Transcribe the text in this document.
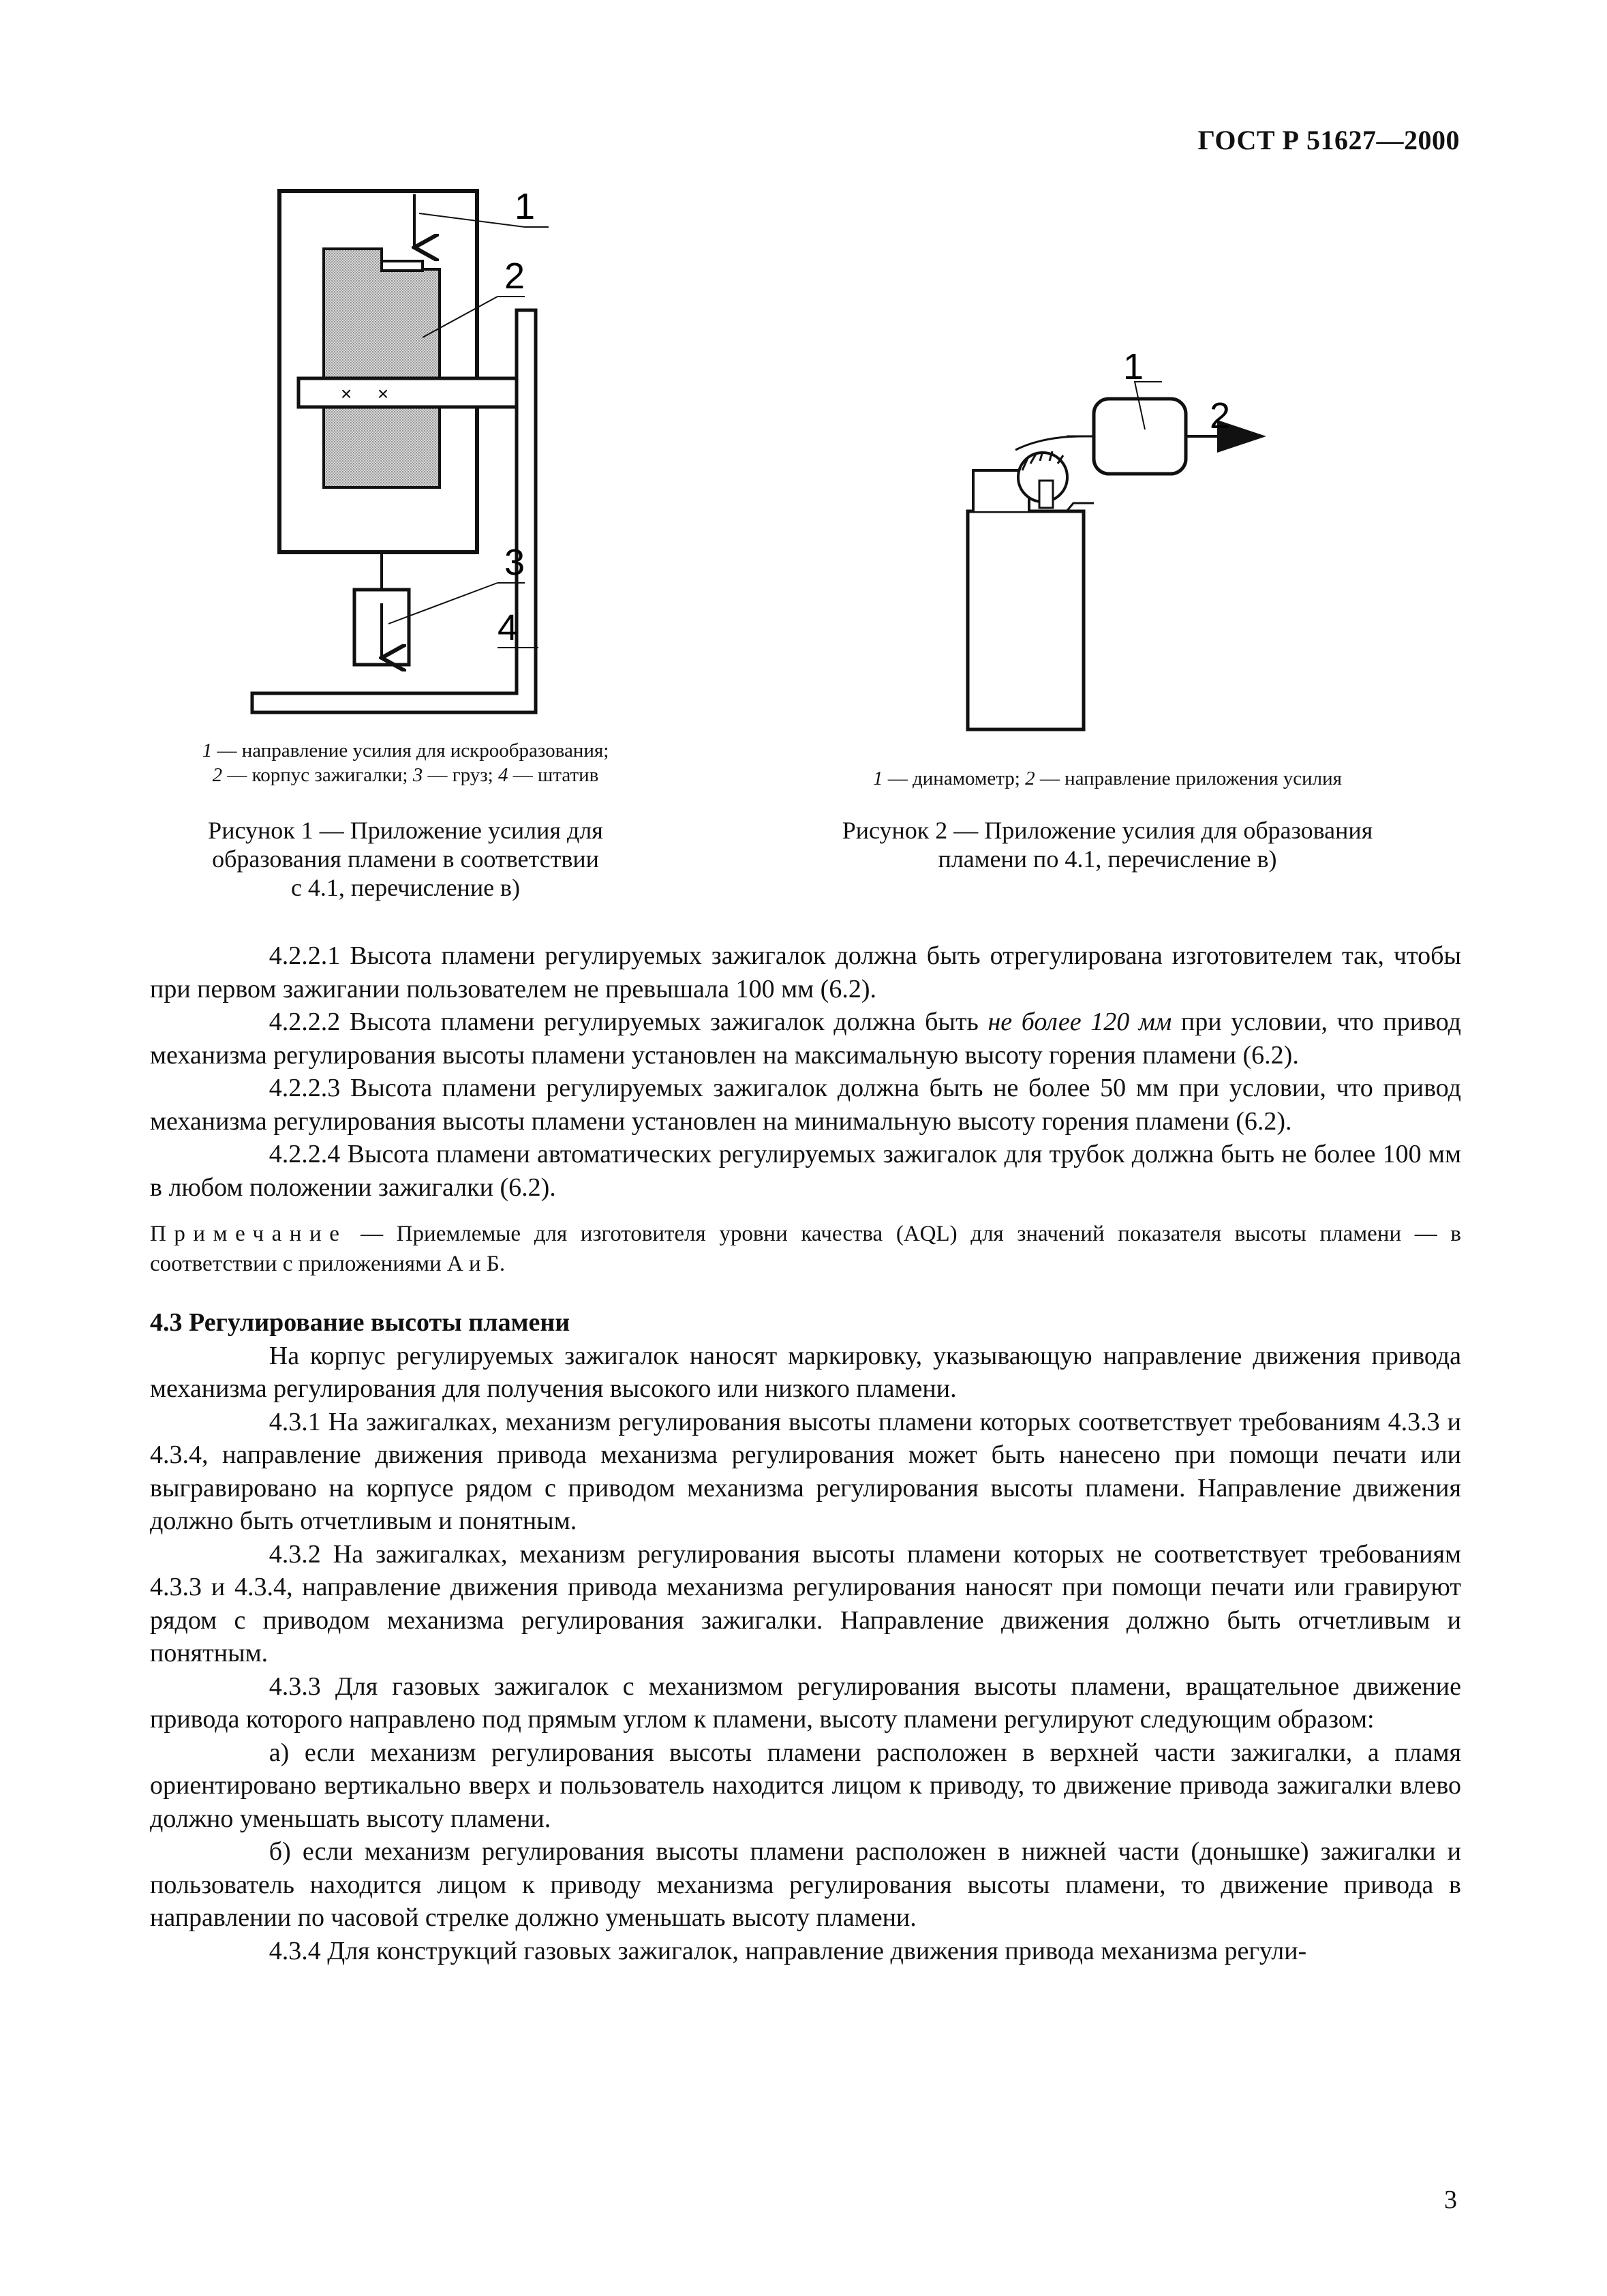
ГОСТ Р 51627—2000
× ×
1
2
3
4
1 — направление усилия для искрообразования;
2 — корпус зажигалки; 3 — груз; 4 — штатив
Рисунок 1 — Приложение усилия для
образования пламени в соответствии
с 4.1, перечисление в)
1
2
1 — динамометр; 2 — направление приложения усилия
Рисунок 2 — Приложение усилия для образования
пламени по 4.1, перечисление в)

4.2.2.1 Высота пламени регулируемых зажигалок должна быть отрегулирована изготовителем так, чтобы при первом зажигании пользователем не превышала 100 мм (6.2).

4.2.2.2 Высота пламени регулируемых зажигалок должна быть не более 120 мм при условии, что привод механизма регулирования высоты пламени установлен на максимальную высоту горения пламени (6.2).

4.2.2.3 Высота пламени регулируемых зажигалок должна быть не более 50 мм при условии, что привод механизма регулирования высоты пламени установлен на минимальную высоту горения пламени (6.2).

4.2.2.4 Высота пламени автоматических регулируемых зажигалок для трубок должна быть не более 100 мм в любом положении зажигалки (6.2).

Примечание — Приемлемые для изготовителя уровни качества (AQL) для значений показателя высоты пламени — в соответствии с приложениями А и Б.

4.3 Регулирование высоты пламени

На корпус регулируемых зажигалок наносят маркировку, указывающую направление движения привода механизма регулирования для получения высокого или низкого пламени.

4.3.1 На зажигалках, механизм регулирования высоты пламени которых соответствует требованиям 4.3.3 и 4.3.4, направление движения привода механизма регулирования может быть нанесено при помощи печати или выгравировано на корпусе рядом с приводом механизма регулирования высоты пламени. Направление движения должно быть отчетливым и понятным.

4.3.2 На зажигалках, механизм регулирования высоты пламени которых не соответствует требованиям 4.3.3 и 4.3.4, направление движения привода механизма регулирования наносят при помощи печати или гравируют рядом с приводом механизма регулирования зажигалки. Направление движения должно быть отчетливым и понятным.

4.3.3 Для газовых зажигалок с механизмом регулирования высоты пламени, вращательное движение привода которого направлено под прямым углом к пламени, высоту пламени регулируют следующим образом:

а) если механизм регулирования высоты пламени расположен в верхней части зажигалки, а пламя ориентировано вертикально вверх и пользователь находится лицом к приводу, то движение привода зажигалки влево должно уменьшать высоту пламени.

б) если механизм регулирования высоты пламени расположен в нижней части (донышке) зажигалки и пользователь находится лицом к приводу механизма регулирования высоты пламени, то движение привода в направлении по часовой стрелке должно уменьшать высоту пламени.

4.3.4 Для конструкций газовых зажигалок, направление движения привода механизма регули-

3
